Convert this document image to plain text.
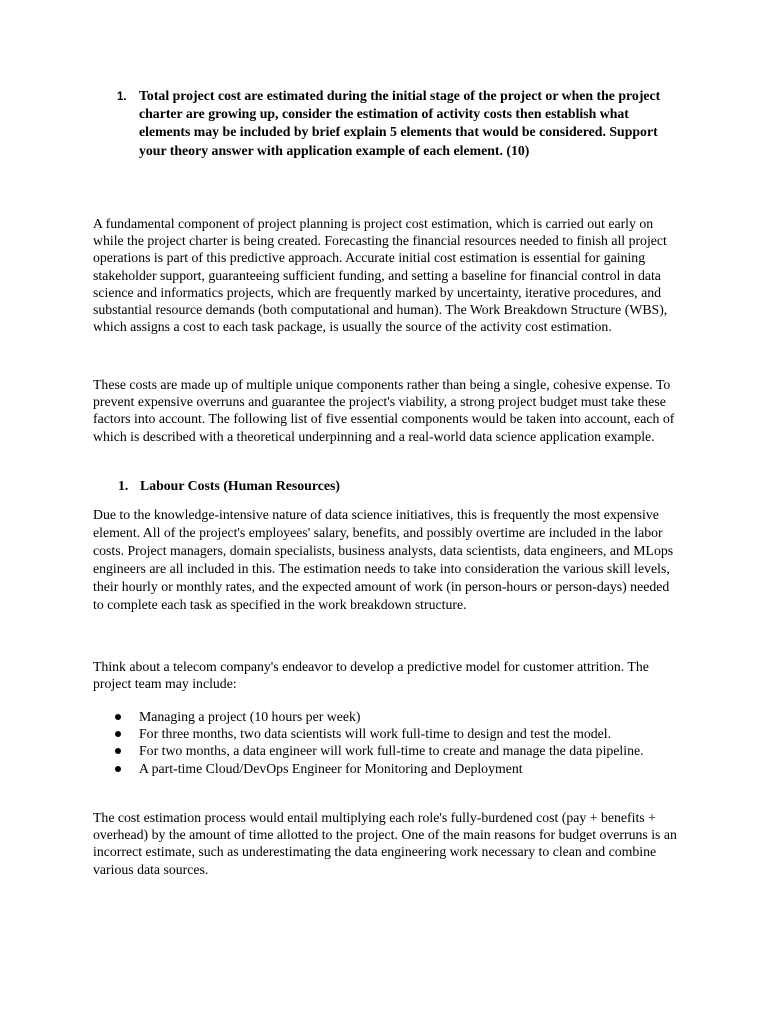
1. Total project cost are estimated during the initial stage of the project or when the project charter are growing up, consider the estimation of activity costs then establish what elements may be included by brief explain 5 elements that would be considered. Support your theory answer with application example of each element. (10)
A fundamental component of project planning is project cost estimation, which is carried out early on while the project charter is being created. Forecasting the financial resources needed to finish all project operations is part of this predictive approach. Accurate initial cost estimation is essential for gaining stakeholder support, guaranteeing sufficient funding, and setting a baseline for financial control in data science and informatics projects, which are frequently marked by uncertainty, iterative procedures, and substantial resource demands (both computational and human). The Work Breakdown Structure (WBS), which assigns a cost to each task package, is usually the source of the activity cost estimation.
These costs are made up of multiple unique components rather than being a single, cohesive expense. To prevent expensive overruns and guarantee the project's viability, a strong project budget must take these factors into account. The following list of five essential components would be taken into account, each of which is described with a theoretical underpinning and a real-world data science application example.
1. Labour Costs (Human Resources)
Due to the knowledge-intensive nature of data science initiatives, this is frequently the most expensive element. All of the project's employees' salary, benefits, and possibly overtime are included in the labor costs. Project managers, domain specialists, business analysts, data scientists, data engineers, and MLops engineers are all included in this. The estimation needs to take into consideration the various skill levels, their hourly or monthly rates, and the expected amount of work (in person-hours or person-days) needed to complete each task as specified in the work breakdown structure.
Think about a telecom company's endeavor to develop a predictive model for customer attrition. The project team may include:
Managing a project (10 hours per week)
For three months, two data scientists will work full-time to design and test the model.
For two months, a data engineer will work full-time to create and manage the data pipeline.
A part-time Cloud/DevOps Engineer for Monitoring and Deployment
The cost estimation process would entail multiplying each role's fully-burdened cost (pay + benefits + overhead) by the amount of time allotted to the project. One of the main reasons for budget overruns is an incorrect estimate, such as underestimating the data engineering work necessary to clean and combine various data sources.
